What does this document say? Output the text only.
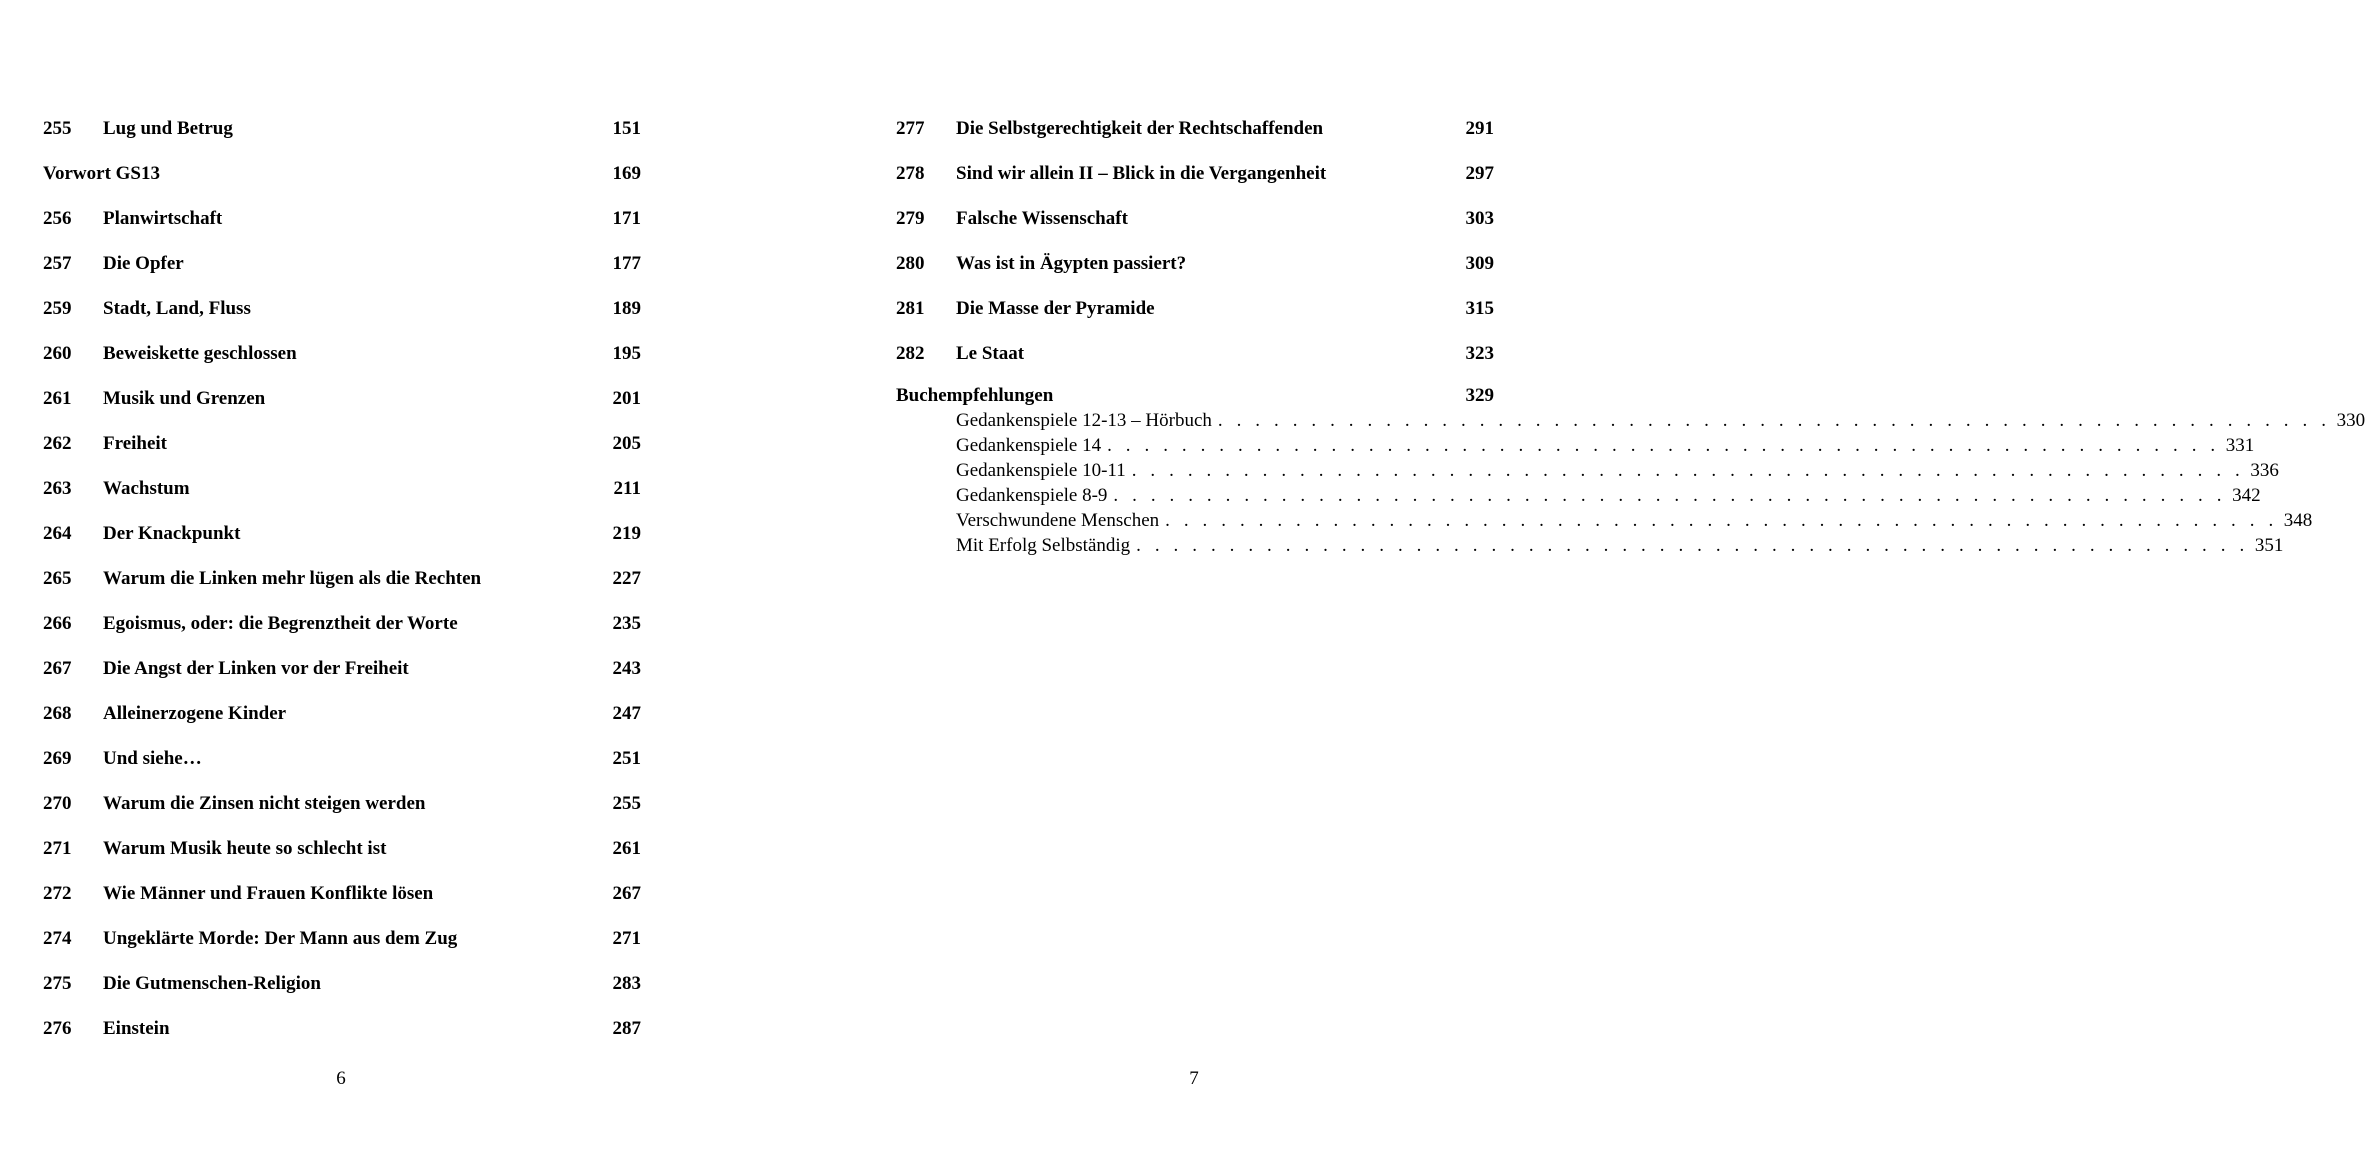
255 Lug und Betrug	151
Vorwort GS13	169
256 Planwirtschaft	171
257 Die Opfer	177
259 Stadt, Land, Fluss	189
260 Beweiskette geschlossen	195
261 Musik und Grenzen	201
262 Freiheit	205
263 Wachstum	211
264 Der Knackpunkt	219
265 Warum die Linken mehr lügen als die Rechten	227
266 Egoismus, oder: die Begrenztheit der Worte	235
267 Die Angst der Linken vor der Freiheit	243
268 Alleinerzogene Kinder	247
269 Und siehe…	251
270 Warum die Zinsen nicht steigen werden	255
271 Warum Musik heute so schlecht ist	261
272 Wie Männer und Frauen Konflikte lösen	267
274 Ungeklärte Morde: Der Mann aus dem Zug	271
275 Die Gutmenschen-Religion	283
276 Einstein	287
6
277 Die Selbstgerechtigkeit der Rechtschaffenden	291
278 Sind wir allein II – Blick in die Vergangenheit	297
279 Falsche Wissenschaft	303
280 Was ist in Ägypten passiert?	309
281 Die Masse der Pyramide	315
282 Le Staat	323
Buchempfehlungen	329
Gedankenspiele 12-13 – Hörbuch . . . . . . . . . . . . . . . . . . . . . . . . . . . . . . . . . . . . . . . . . . . . . . . . . . . . . . . . . . . . 330
Gedankenspiele 14 . . . . . . . . . . . . . . . . . . . . . . . . . . . . . . . . . . . . . . . . . . . . . . . . . . . . . . . . . . . . 331
Gedankenspiele 10-11 . . . . . . . . . . . . . . . . . . . . . . . . . . . . . . . . . . . . . . . . . . . . . . . . . . . . . . . . . . . . 336
Gedankenspiele 8-9 . . . . . . . . . . . . . . . . . . . . . . . . . . . . . . . . . . . . . . . . . . . . . . . . . . . . . . . . . . . . 342
Verschwundene Menschen . . . . . . . . . . . . . . . . . . . . . . . . . . . . . . . . . . . . . . . . . . . . . . . . . . . . . . . . . . . . 348
Mit Erfolg Selbständig . . . . . . . . . . . . . . . . . . . . . . . . . . . . . . . . . . . . . . . . . . . . . . . . . . . . . . . . . . . . 351
7
